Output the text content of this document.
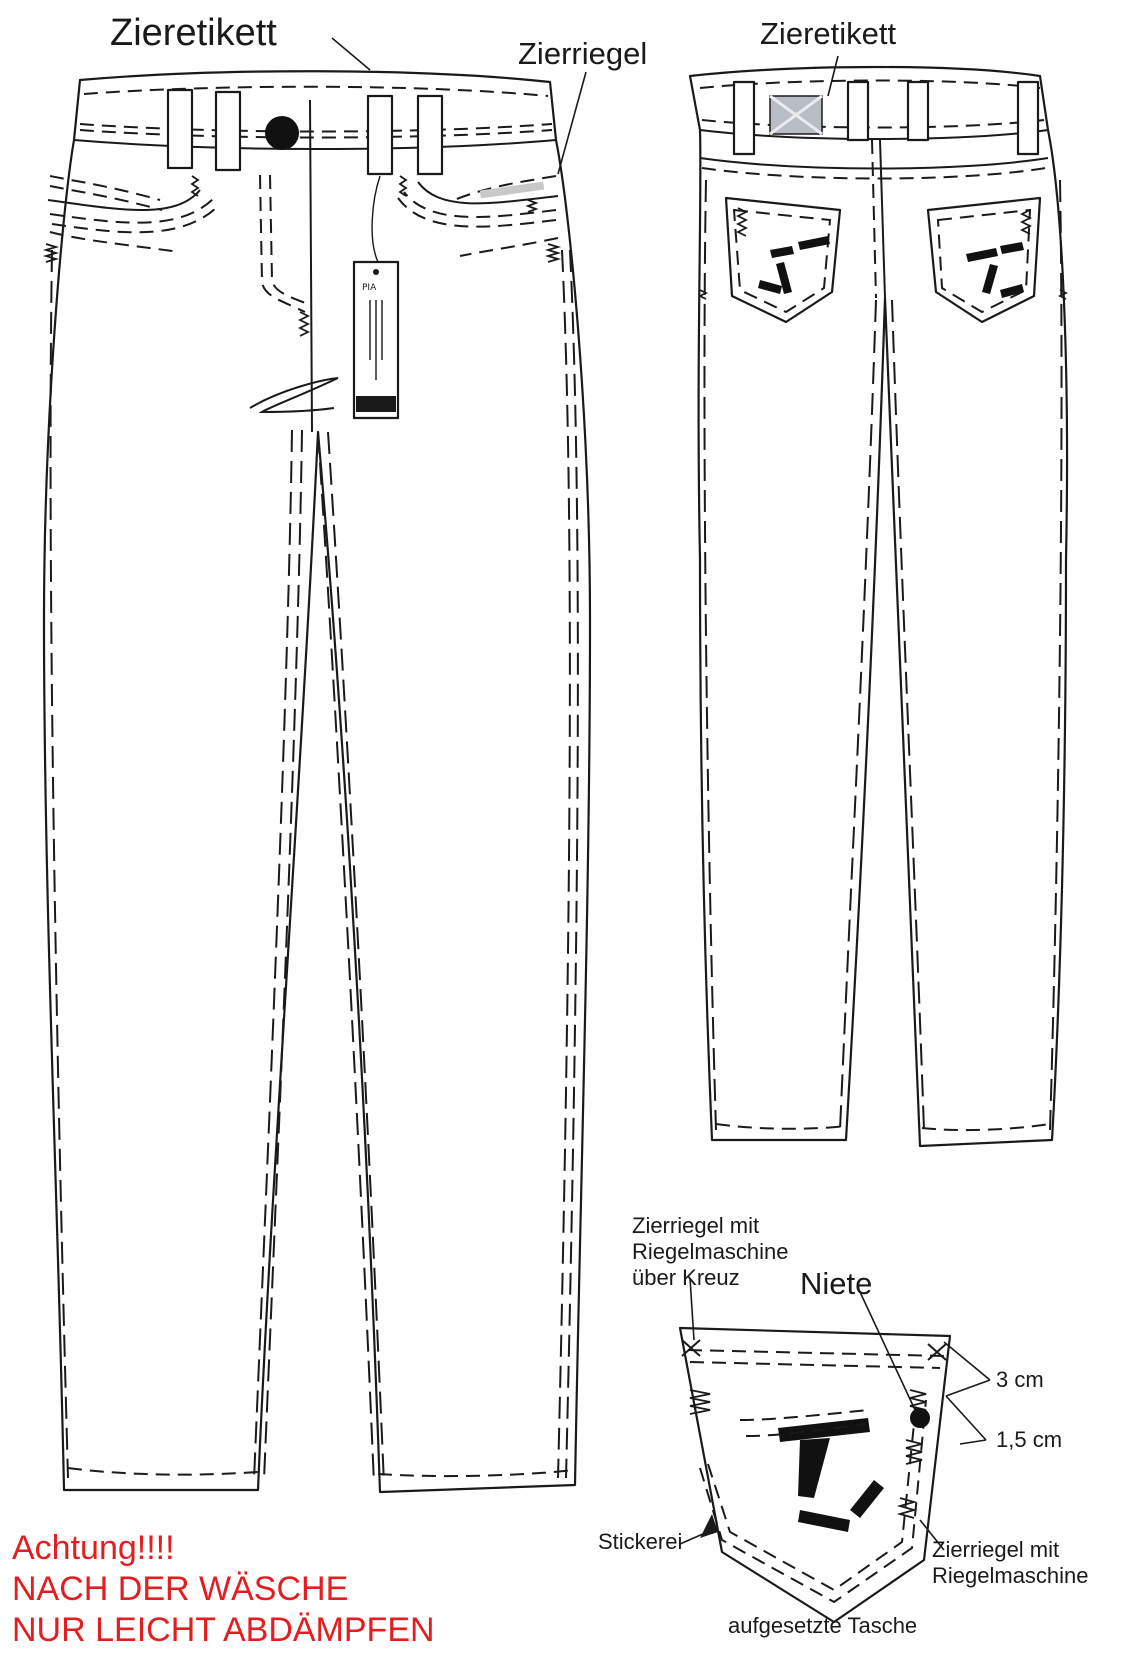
PIA
Zieretikett	Zierriegel
Zieretikett
Zierriegel mit
Riegelmaschine
über Kreuz Niete
3 cm
1,5 cm
Stickerei	Zierriegel mit
Riegelmaschine
aufgesetzte Tasche
Achtung!!!!
NACH DER WÄSCHE
NUR LEICHT ABDÄMPFEN
